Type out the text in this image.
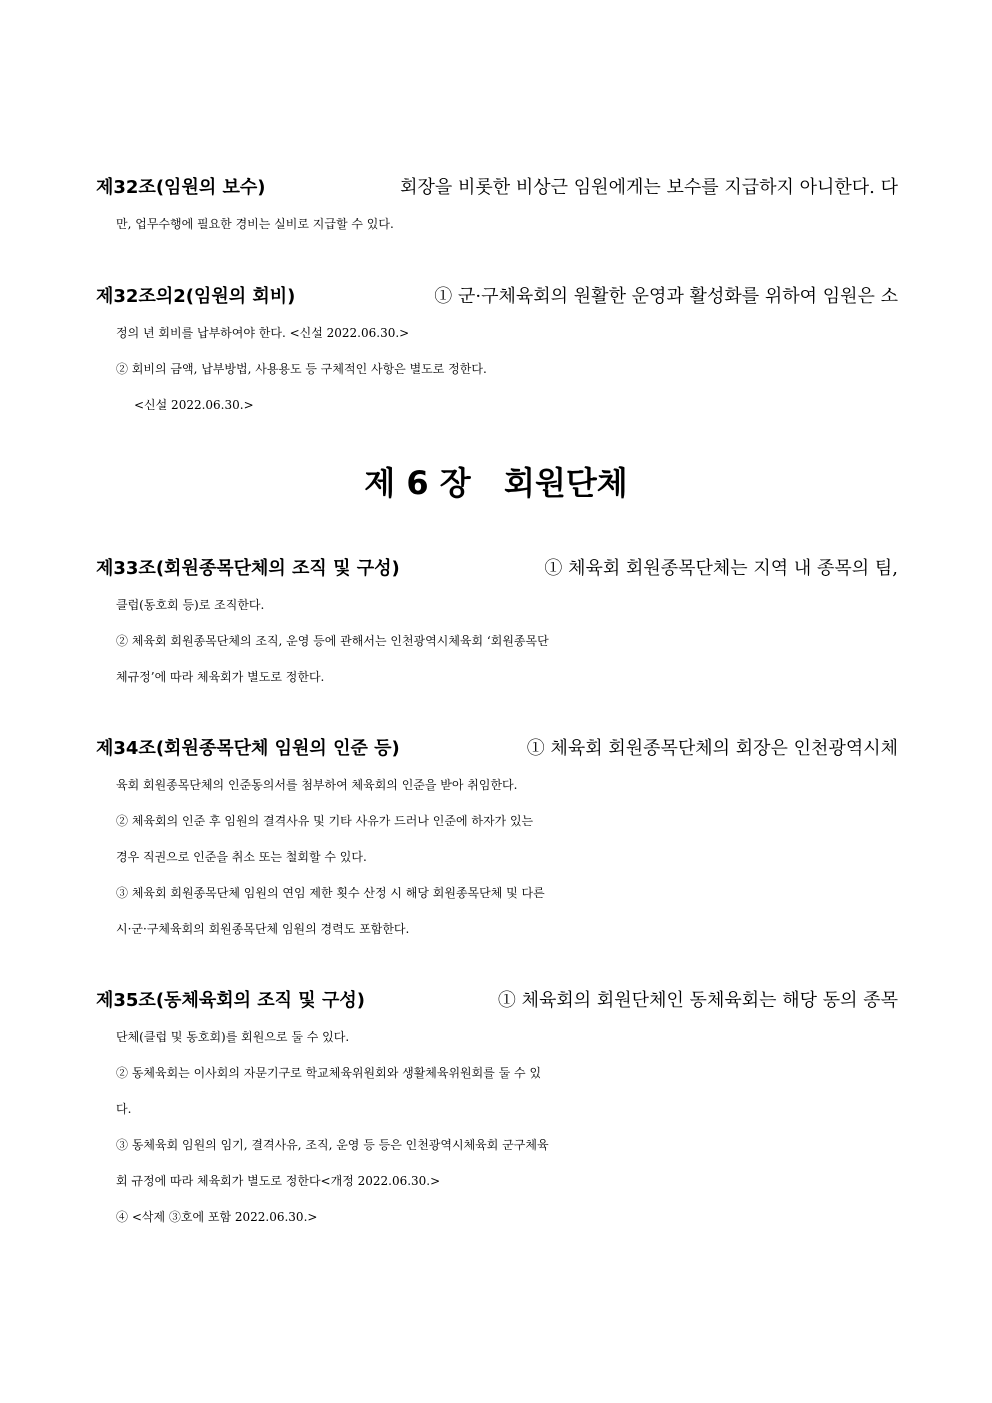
제32조(임원의 보수)	회장을 비롯한 비상근 임원에게는 보수를 지급하지 아니한다. 다
만, 업무수행에 필요한 경비는 실비로 지급할 수 있다.
제32조의2(임원의 회비)	① 군·구체육회의 원활한 운영과 활성화를 위하여 임원은 소
정의 년 회비를 납부하여야 한다. <신설 2022.06.30.>
② 회비의 금액, 납부방법, 사용용도 등 구체적인 사항은 별도로 정한다.
<신설 2022.06.30.>
제 6 장   회원단체
제33조(회원종목단체의 조직 및 구성)	① 체육회 회원종목단체는 지역 내 종목의 팀,
클럽(동호회 등)로 조직한다.
② 체육회 회원종목단체의 조직, 운영 등에 관해서는 인천광역시체육회 ‘회원종목단
체규정’에 따라 체육회가 별도로 정한다.
제34조(회원종목단체 임원의 인준 등)	① 체육회 회원종목단체의 회장은 인천광역시체
육회 회원종목단체의 인준동의서를 첨부하여 체육회의 인준을 받아 취임한다.
② 체육회의 인준 후 임원의 결격사유 및 기타 사유가 드러나 인준에 하자가 있는
경우 직권으로 인준을 취소 또는 철회할 수 있다.
③ 체육회 회원종목단체 임원의 연임 제한 횟수 산정 시 해당 회원종목단체 및 다른
시·군·구체육회의 회원종목단체 임원의 경력도 포함한다.
제35조(동체육회의 조직 및 구성)	① 체육회의 회원단체인 동체육회는 해당 동의 종목
단체(클럽 및 동호회)를 회원으로 둘 수 있다.
② 동체육회는 이사회의 자문기구로 학교체육위원회와 생활체육위원회를 둘 수 있
다.
③ 동체육회 임원의 임기, 결격사유, 조직, 운영 등 등은 인천광역시체육회 군구체육
회 규정에 따라 체육회가 별도로 정한다<개정 2022.06.30.>
④ <삭제 ③호에 포함 2022.06.30.>
